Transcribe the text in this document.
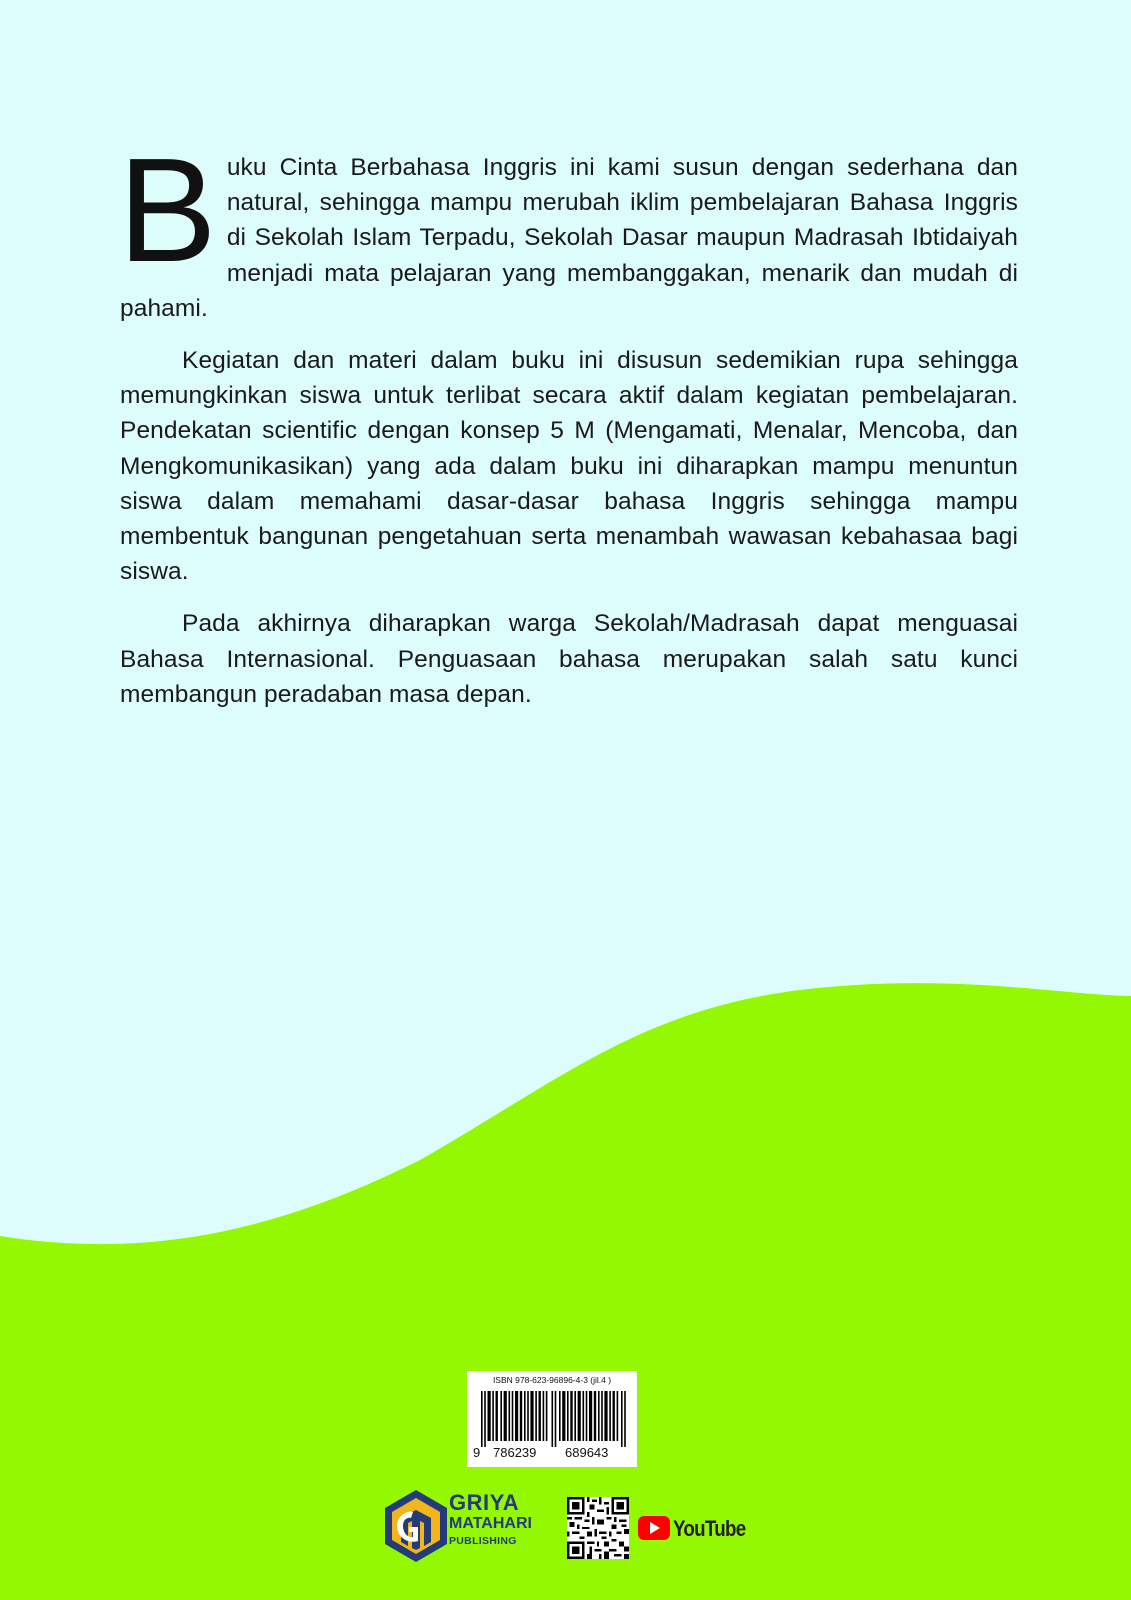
Buku Cinta Berbahasa Inggris ini kami susun dengan sederhana dan natural, sehingga mampu merubah iklim pembelajaran Bahasa Inggris di Sekolah Islam Terpadu, Sekolah Dasar maupun Madrasah Ibtidaiyah menjadi mata pelajaran yang membanggakan, menarik dan mudah di pahami.

Kegiatan dan materi dalam buku ini disusun sedemikian rupa sehingga memungkinkan siswa untuk terlibat secara aktif dalam kegiatan pembelajaran. Pendekatan scientific dengan konsep 5 M (Mengamati, Menalar, Mencoba, dan Mengkomunikasikan) yang ada dalam buku ini diharapkan mampu menuntun siswa dalam memahami dasar-dasar bahasa Inggris sehingga mampu membentuk bangunan pengetahuan serta menambah wawasan kebahasaa bagi siswa.

Pada akhirnya diharapkan warga Sekolah/Madrasah dapat menguasai Bahasa Internasional. Penguasaan bahasa merupakan salah satu kunci membangun peradaban masa depan.

ISBN 978-623-96896-4-3 (jil.4 )
9 786239 689643
GRIYA
MATAHARI
PUBLISHING	YouTube
